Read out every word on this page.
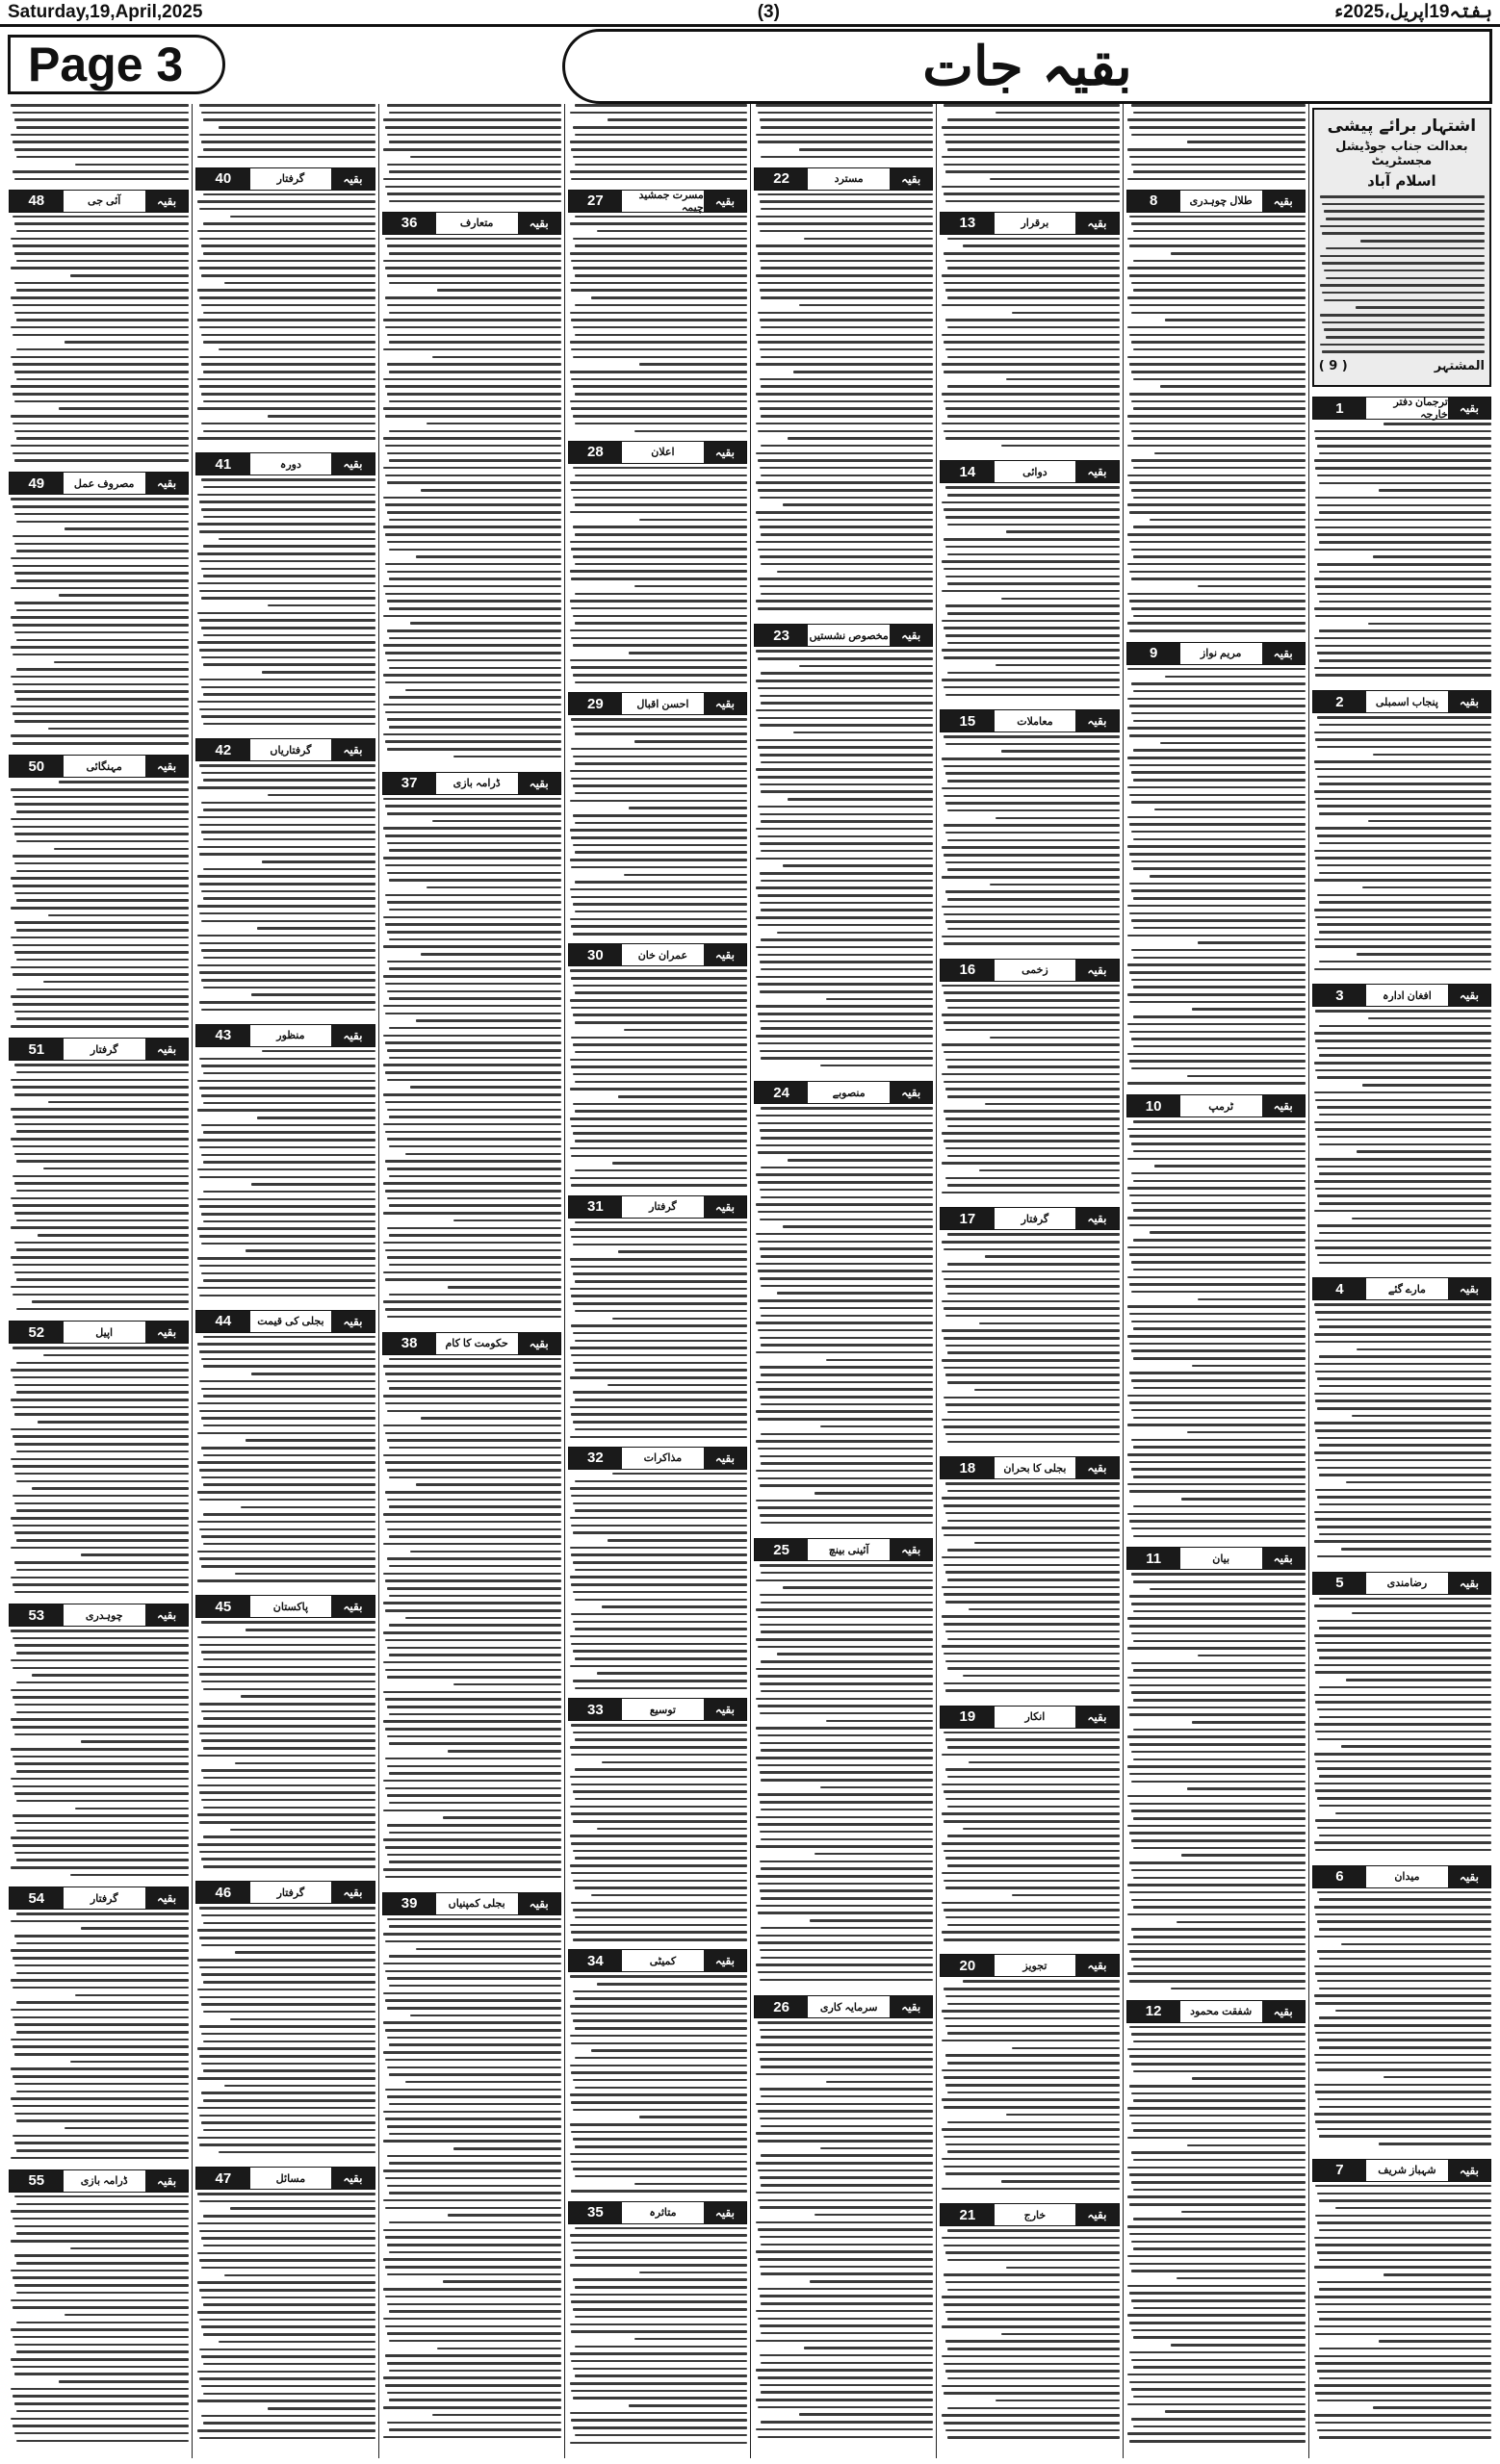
Saturday,19,April,2025	(3)	ہفتہ19اپریل،2025ء
Page 3	بقیہ جات
اشتہار برائے پیشی
بعدالت جناب جوڈیشل مجسٹریٹ
اسلام آباد
المشتہر
( 9 )
1	ترجمان دفتر خارجہ	بقیہ
2	پنجاب اسمبلی	بقیہ
3	افغان ادارہ	بقیہ
4	مارے گئے	بقیہ
5	رضامندی	بقیہ
6	میدان	بقیہ
7	شہباز شریف	بقیہ
8	طلال چوہدری	بقیہ
9	مریم نواز	بقیہ
10	ٹرمپ	بقیہ
11	بیان	بقیہ
12	شفقت محمود	بقیہ
13	برقرار	بقیہ
14	دوائی	بقیہ
15	معاملات	بقیہ
16	زخمی	بقیہ
17	گرفتار	بقیہ
18	بجلی کا بحران	بقیہ
19	انکار	بقیہ
20	تجویز	بقیہ
21	خارج	بقیہ
22	مسترد	بقیہ
23	مخصوص نشستیں	بقیہ
24	منصوبے	بقیہ
25	آئینی بینچ	بقیہ
26	سرمایہ کاری	بقیہ
27	مسرت جمشید چیمہ	بقیہ
28	اعلان	بقیہ
29	احسن اقبال	بقیہ
30	عمران خان	بقیہ
31	گرفتار	بقیہ
32	مذاکرات	بقیہ
33	توسیع	بقیہ
34	کمیٹی	بقیہ
35	متاثرہ	بقیہ
36	متعارف	بقیہ
37	ڈرامہ بازی	بقیہ
38	حکومت کا کام	بقیہ
39	بجلی کمپنیاں	بقیہ
40	گرفتار	بقیہ
41	دورہ	بقیہ
42	گرفتاریاں	بقیہ
43	منظور	بقیہ
44	بجلی کی قیمت	بقیہ
45	پاکستان	بقیہ
46	گرفتار	بقیہ
47	مسائل	بقیہ
48	آئی جی	بقیہ
49	مصروف عمل	بقیہ
50	مہنگائی	بقیہ
51	گرفتار	بقیہ
52	اپیل	بقیہ
53	چوہدری	بقیہ
54	گرفتار	بقیہ
55	ڈرامہ بازی	بقیہ
